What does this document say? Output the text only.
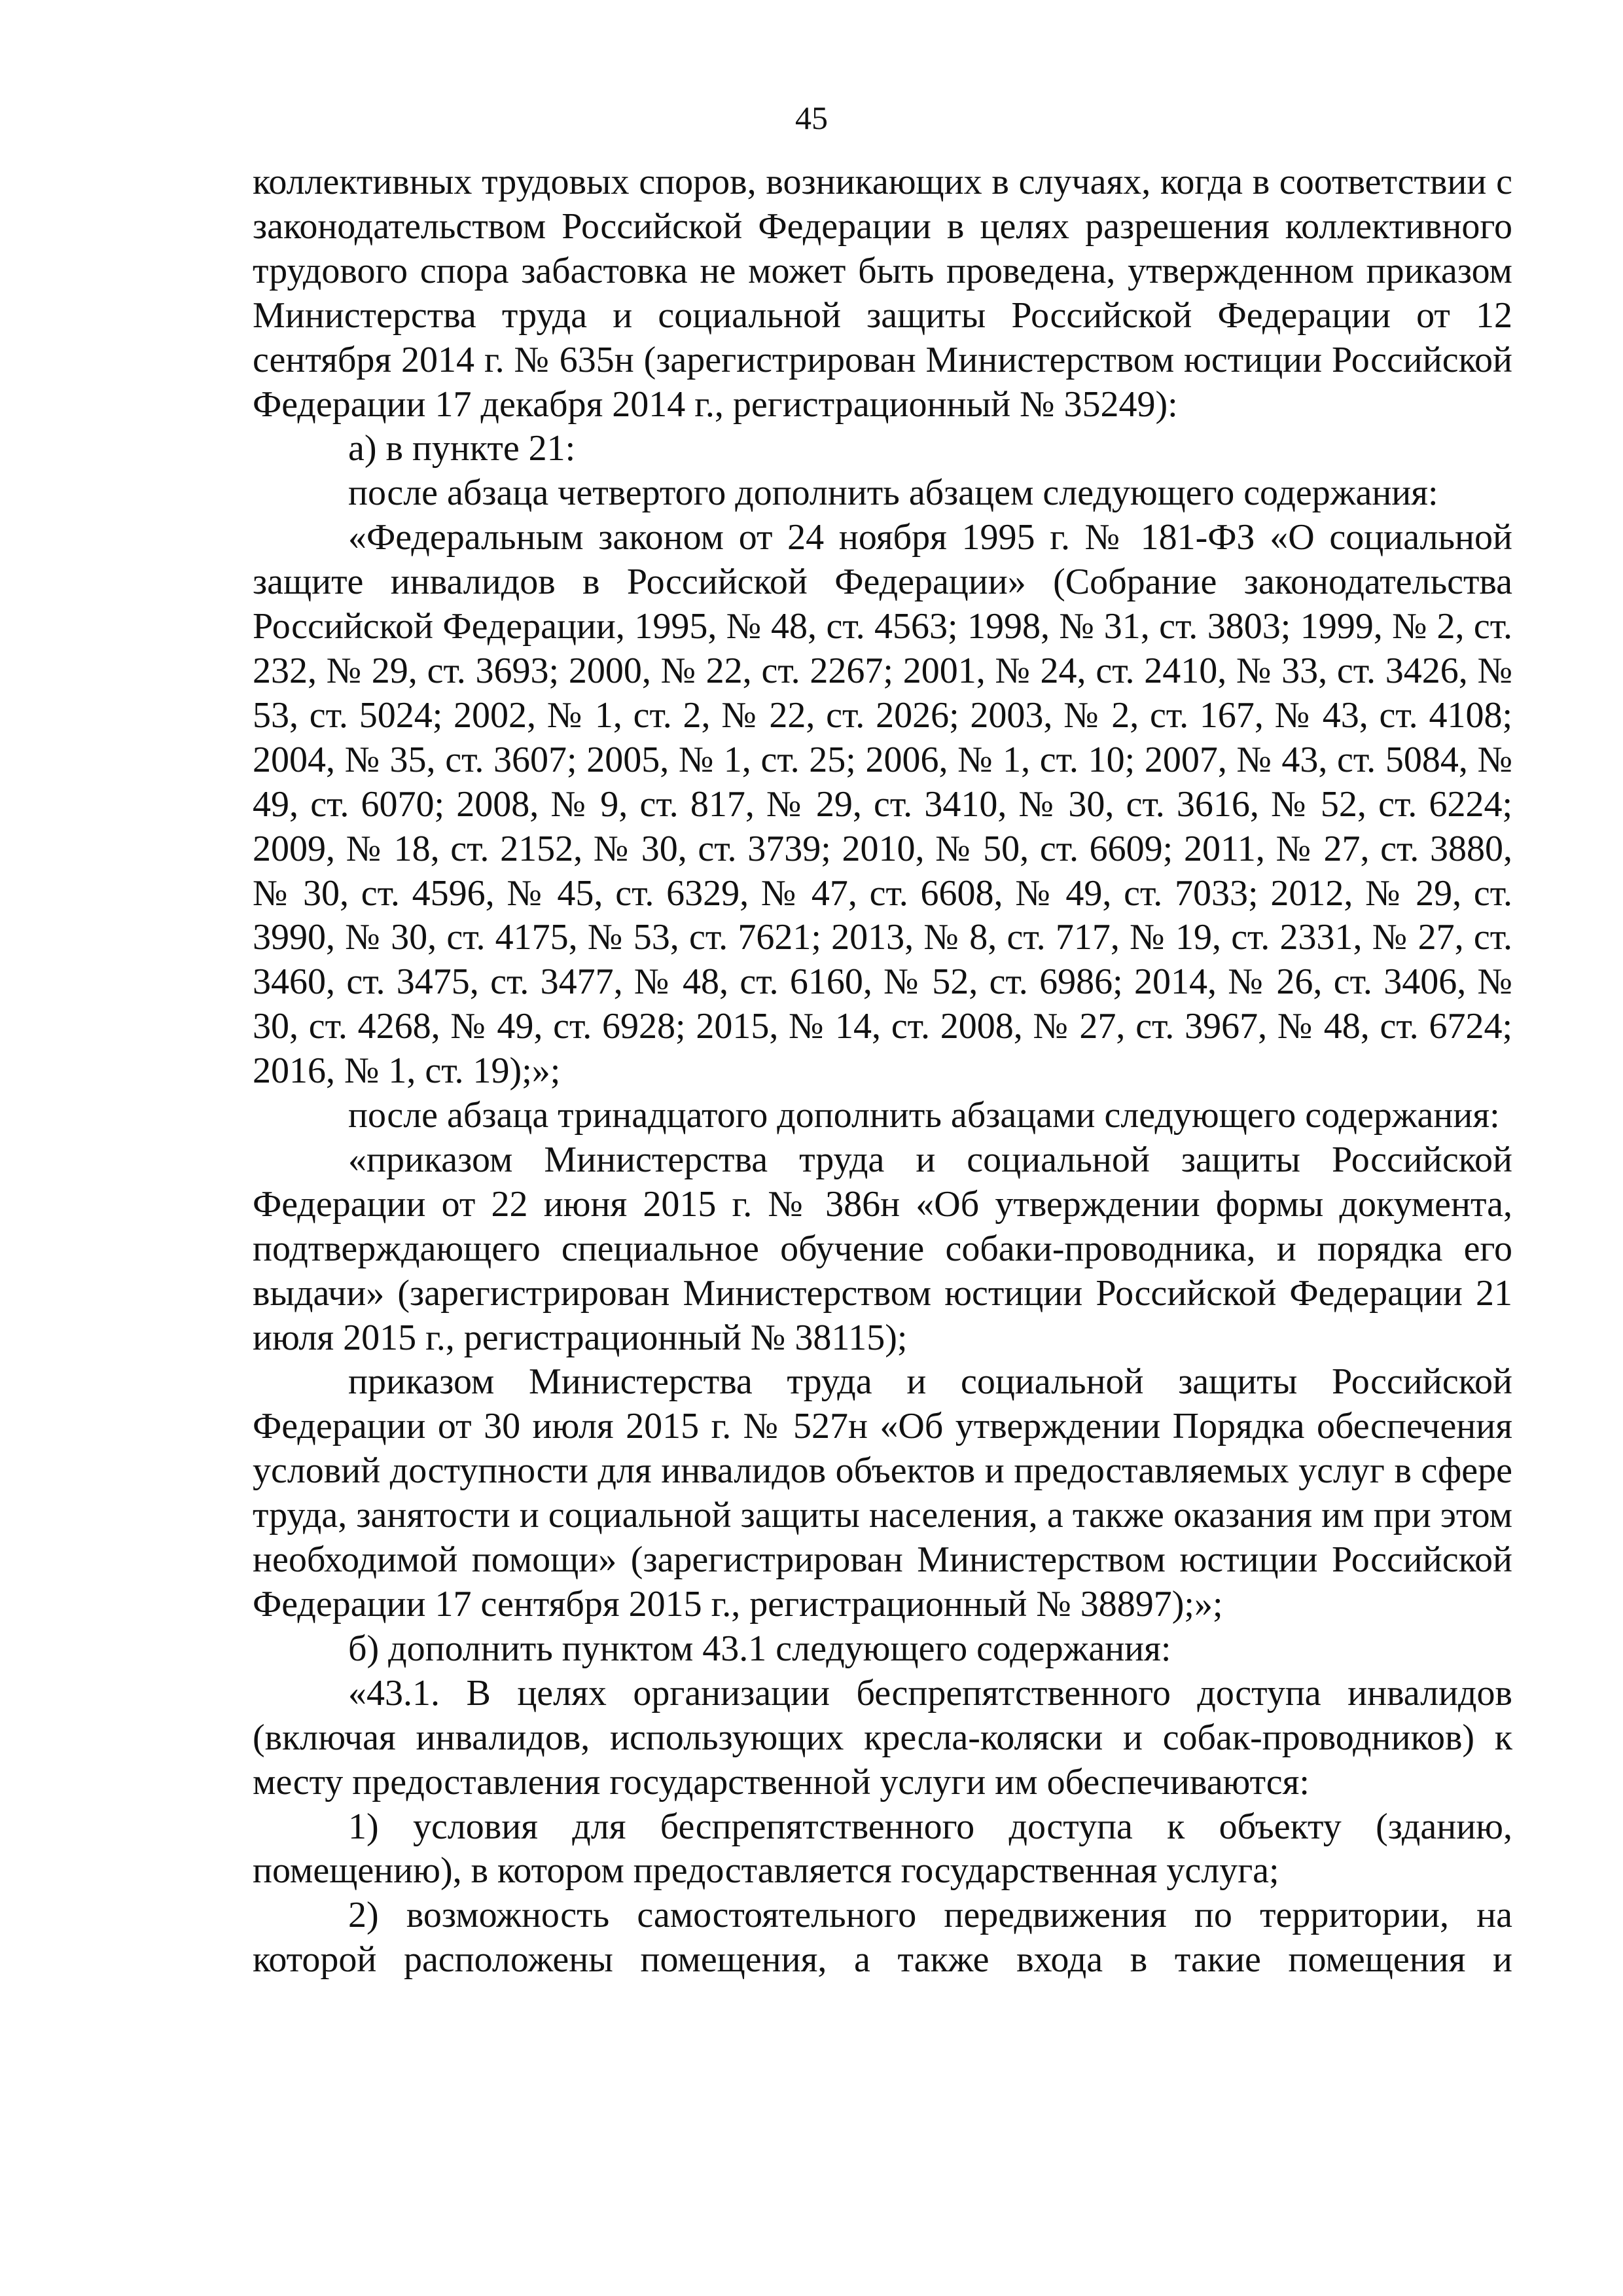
45

коллективных трудовых споров, возникающих в случаях, когда в соответствии с законодательством Российской Федерации в целях разрешения коллективного трудового спора забастовка не может быть проведена, утвержденном приказом Министерства труда и социальной защиты Российской Федерации от 12 сентября 2014 г. № 635н (зарегистрирован Министерством юстиции Российской Федерации 17 декабря 2014 г., регистрационный № 35249):

а) в пункте 21:

после абзаца четвертого дополнить абзацем следующего содержания:

«Федеральным законом от 24 ноября 1995 г. № 181-ФЗ «О социальной защите инвалидов в Российской Федерации» (Собрание законодательства Российской Федерации, 1995, № 48, ст. 4563; 1998, № 31, ст. 3803; 1999, № 2, ст. 232, № 29, ст. 3693; 2000, № 22, ст. 2267; 2001, № 24, ст. 2410, № 33, ст. 3426, № 53, ст. 5024; 2002, № 1, ст. 2, № 22, ст. 2026; 2003, № 2, ст. 167, № 43, ст. 4108; 2004, № 35, ст. 3607; 2005, № 1, ст. 25; 2006, № 1, ст. 10; 2007, № 43, ст. 5084, № 49, ст. 6070; 2008, № 9, ст. 817, № 29, ст. 3410, № 30, ст. 3616, № 52, ст. 6224; 2009, № 18, ст. 2152, № 30, ст. 3739; 2010, № 50, ст. 6609; 2011, № 27, ст. 3880, № 30, ст. 4596, № 45, ст. 6329, № 47, ст. 6608, № 49, ст. 7033; 2012, № 29, ст. 3990, № 30, ст. 4175, № 53, ст. 7621; 2013, № 8, ст. 717, № 19, ст. 2331, № 27, ст. 3460, ст. 3475, ст. 3477, № 48, ст. 6160, № 52, ст. 6986; 2014, № 26, ст. 3406, № 30, ст. 4268, № 49, ст. 6928; 2015, № 14, ст. 2008, № 27, ст. 3967, № 48, ст. 6724; 2016, № 1, ст. 19);»;

после абзаца тринадцатого дополнить абзацами следующего содержания:

«приказом Министерства труда и социальной защиты Российской Федерации от 22 июня 2015 г. № 386н «Об утверждении формы документа, подтверждающего специальное обучение собаки-проводника, и порядка его выдачи» (зарегистрирован Министерством юстиции Российской Федерации 21 июля 2015 г., регистрационный № 38115);

приказом Министерства труда и социальной защиты Российской Федерации от 30 июля 2015 г. № 527н «Об утверждении Порядка обеспечения условий доступности для инвалидов объектов и предоставляемых услуг в сфере труда, занятости и социальной защиты населения, а также оказания им при этом необходимой помощи» (зарегистрирован Министерством юстиции Российской Федерации 17 сентября 2015 г., регистрационный № 38897);»;

б) дополнить пунктом 43.1 следующего содержания:

«43.1. В целях организации беспрепятственного доступа инвалидов (включая инвалидов, использующих кресла-коляски и собак-проводников) к месту предоставления государственной услуги им обеспечиваются:

1) условия для беспрепятственного доступа к объекту (зданию, помещению), в котором предоставляется государственная услуга;

2) возможность самостоятельного передвижения по территории, на которой расположены помещения, а также входа в такие помещения и
